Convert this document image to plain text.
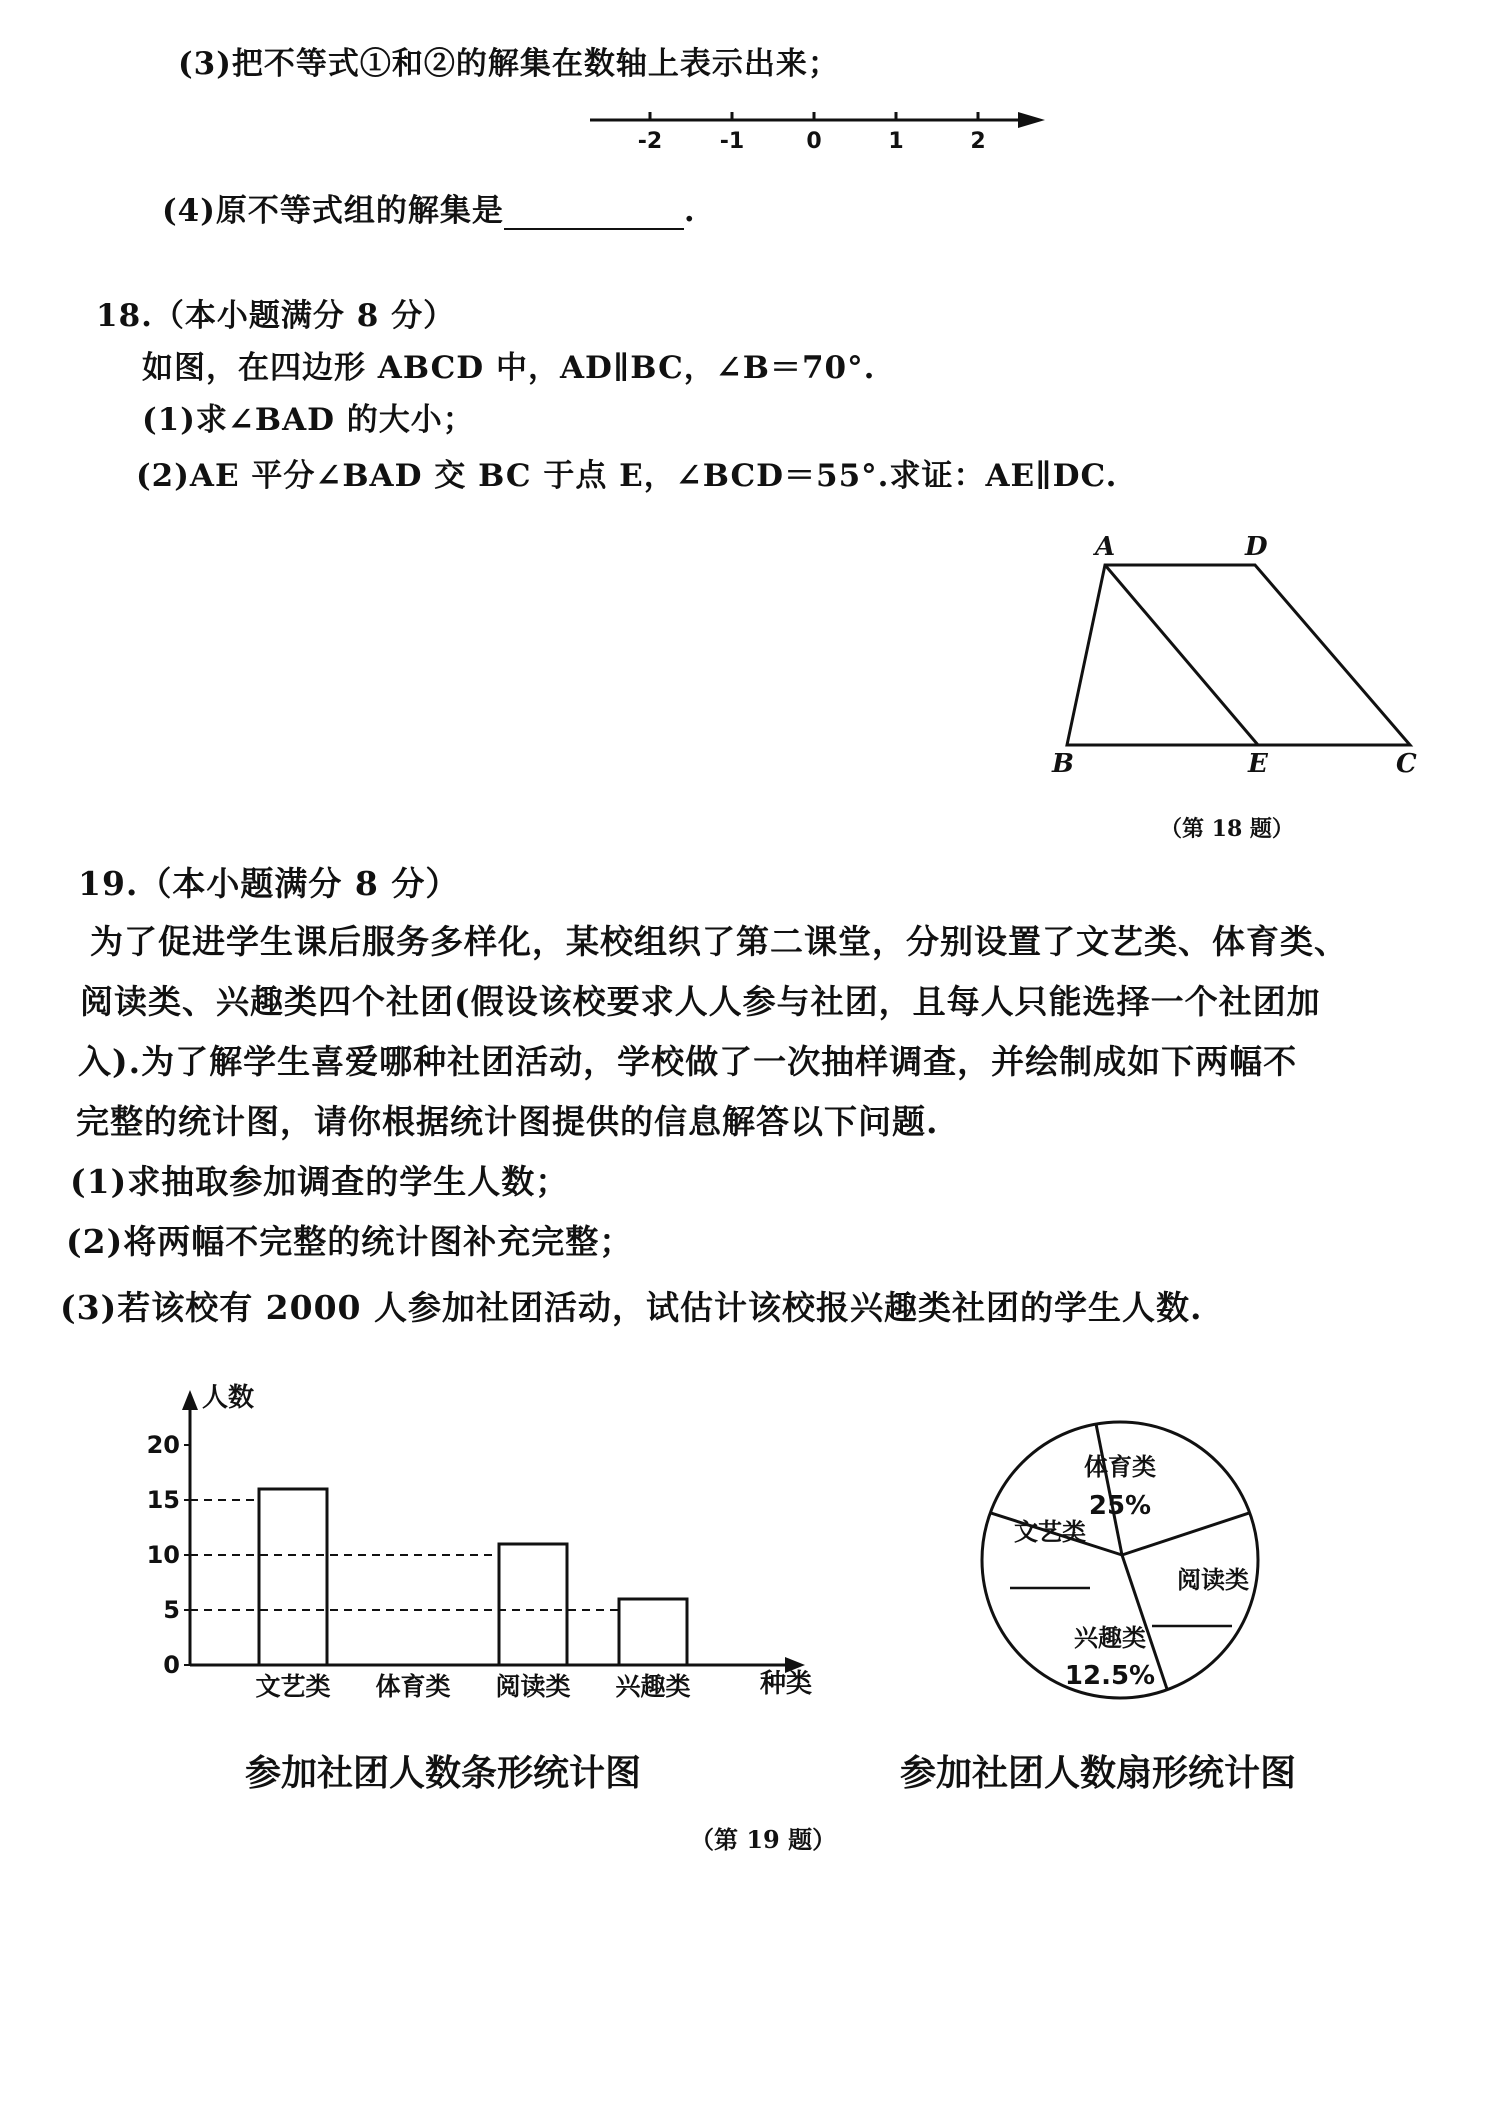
(3)把不等式①和②的解集在数轴上表示出来；
-2	-1	0	1	2
(4)原不等式组的解集是	.
18.（本小题满分 8 分）
如图，在四边形 ABCD 中，AD∥BC，∠B＝70°.
(1)求∠BAD 的大小；
(2)AE 平分∠BAD 交 BC 于点 E，∠BCD＝55°.求证：AE∥DC.
A	D
B	E	C
（第 18 题）
19.（本小题满分 8 分）
为了促进学生课后服务多样化，某校组织了第二课堂，分别设置了文艺类、体育类、
阅读类、兴趣类四个社团(假设该校要求人人参与社团，且每人只能选择一个社团加
入).为了解学生喜爱哪种社团活动，学校做了一次抽样调查，并绘制成如下两幅不
完整的统计图，请你根据统计图提供的信息解答以下问题.
(1)求抽取参加调查的学生人数；
(2)将两幅不完整的统计图补充完整；
(3)若该校有 2000 人参加社团活动，试估计该校报兴趣类社团的学生人数.
0
5
10
15
20
文艺类 体育类 阅读类 兴趣类
人数
种类
参加社团人数条形统计图
体育类
25%
文艺类
阅读类
兴趣类
12.5%
参加社团人数扇形统计图
（第 19 题）
